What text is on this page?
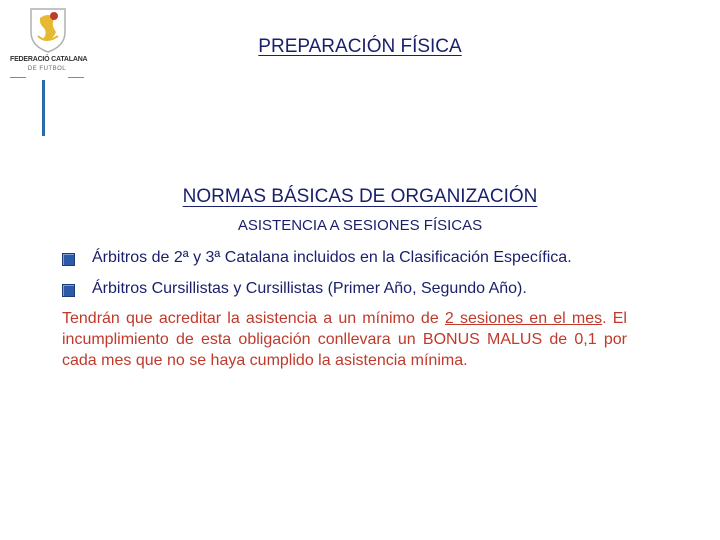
FEDERACIÓ CATALANA
DE FUTBOL
PREPARACIÓN FÍSICA
NORMAS BÁSICAS DE ORGANIZACIÓN
ASISTENCIA A SESIONES FÍSICAS
Árbitros de 2ª y 3ª Catalana incluidos en la Clasificación Específica.
Árbitros Cursillistas y Cursillistas (Primer Año, Segundo Año).
Tendrán que acreditar la asistencia a un mínimo de 2 sesiones en el mes. El incumplimiento de esta obligación conllevara un BONUS MALUS de 0,1 por cada mes que no se haya cumplido la asistencia mínima.
